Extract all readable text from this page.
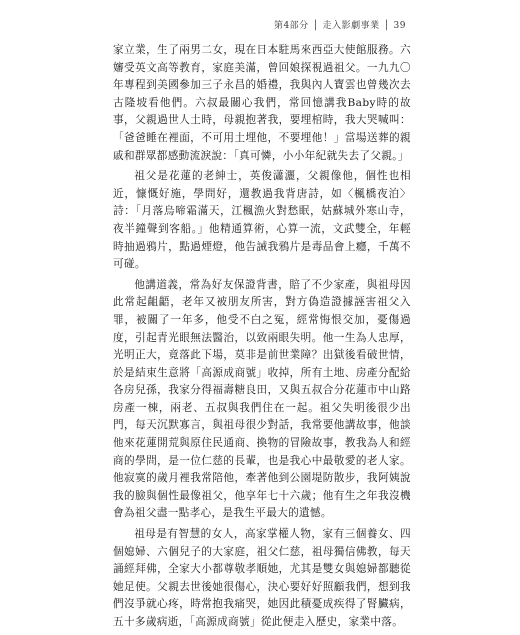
第4部分 │ 走入影劇事業 │ 39

家立業，生了兩男二女，現在日本駐馬來西亞大使館服務。六嬸受英文高等教育，家庭美滿，曾回娘探視過祖父。一九九〇年專程到美國參加三子永昌的婚禮，我與內人寶雲也曾幾次去古隆坡看他們。六叔最關心我們，常回憶講我Baby時的故事，父親過世人土時，母親抱著我，要埋棺時，我大哭喊叫：「爸爸睡在裡面，不可用土埋他，不要埋他！」當場送葬的親戚和群眾都感動流淚說：「真可憐，小小年紀就失去了父親。」

祖父是花蓮的老紳士，英俊瀟灑，父親像他，個性也相近，慷慨好施，學問好，還教過我背唐詩，如〈楓橋夜泊〉詩：「月落烏啼霜滿天，江楓漁火對愁眠，姑蘇城外寒山寺，夜半鐘聲到客船。」他精通算術，心算一流，文武雙全，年輕時抽過鴉片，點過煙燈，他告誡我鴉片是毒品會上癮，千萬不可碰。

他講道義，常為好友保證背書，賠了不少家產，與祖母因此常起齟齬，老年又被朋友所害，對方偽造證據誣害祖父入罪，被關了一年多，他受不白之冤，經常悔恨交加，憂傷過度，引起青光眼無法醫治，以致兩眼失明。他一生為人忠厚，光明正大，竟落此下場，莫非是前世業障？出獄後看破世情，於是結束生意將「高源成商號」收掉，所有土地、房產分配給各房兒孫，我家分得福壽糖良田，又與五叔合分花蓮市中山路房產一棟，兩老、五叔與我們住在一起。祖父失明後很少出門，每天沉默寡言，與祖母很少對話，我常要他講故事，他談他來花蓮開荒與原住民通商、換物的冒險故事，教我為人和經商的學問，是一位仁慈的長輩，也是我心中最敬愛的老人家。他寂寞的歲月裡我常陪他，牽著他到公園堤防散步，我阿姨說我的臉與個性最像祖父，他享年七十六歲；他有生之年我沒機會為祖父盡一點孝心，是我生平最大的遺憾。

祖母是有智慧的女人，高家掌權人物，家有三個養女、四個媳婦、六個兒子的大家庭，祖父仁慈，祖母獨信佛教，每天誦經拜佛，全家大小都尊敬孝順她，尤其是雙女與媳婦都聽從她足使。父親去世後她很傷心，決心要好好照顧我們，想到我們沒爭就心疼，時常抱我痛哭，她因此積憂成疾得了腎臟病，五十多歲病逝，「高源成商號」從此便走入歷史，家業中落。
